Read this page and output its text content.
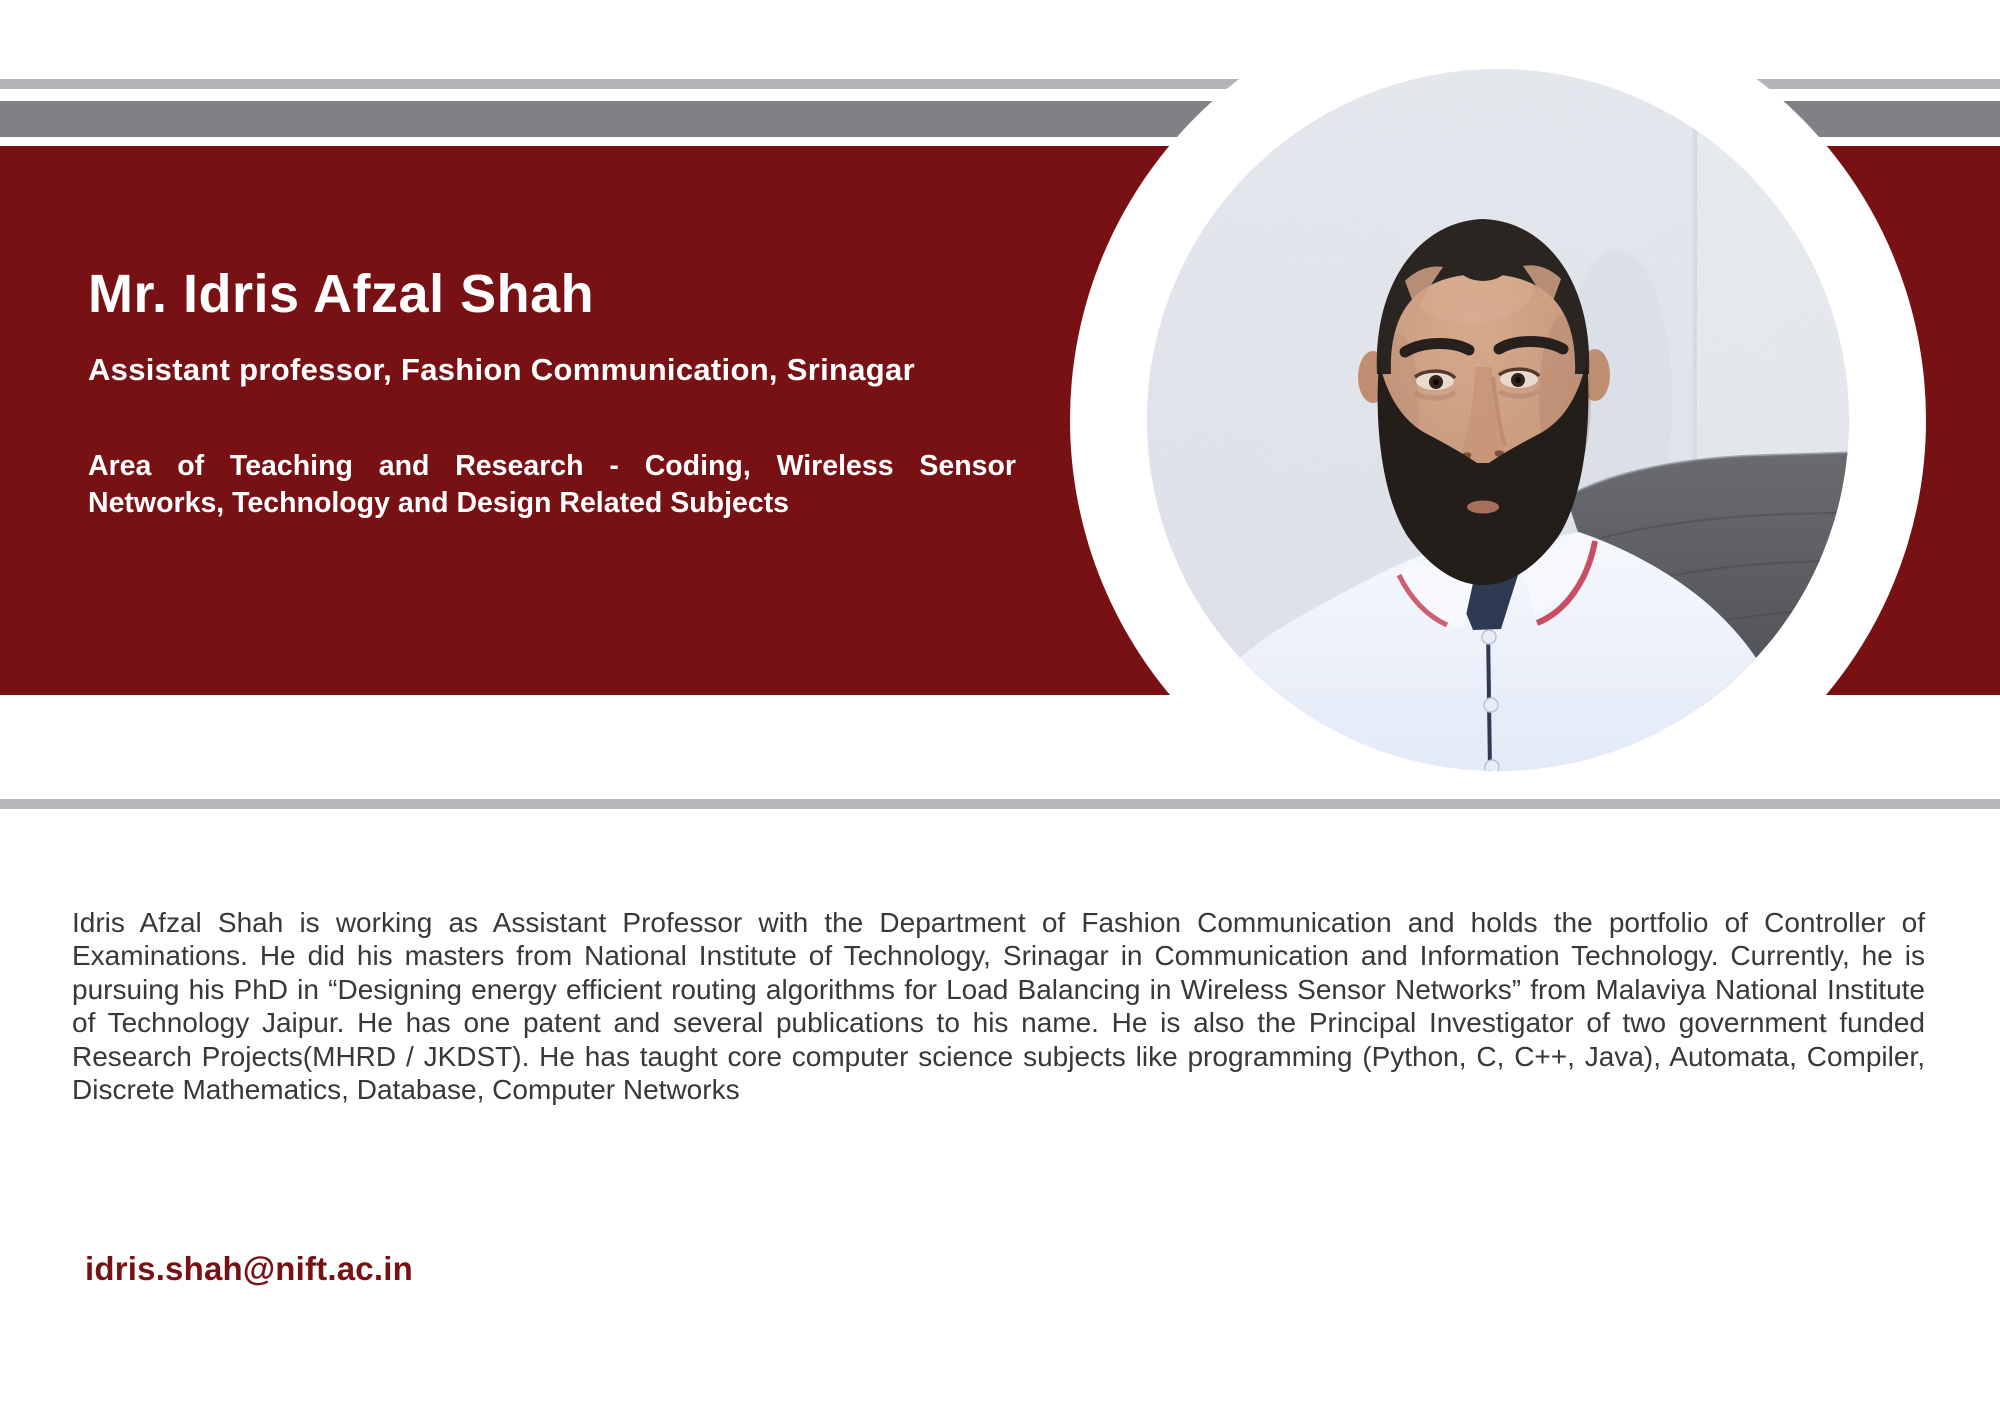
Mr. Idris Afzal Shah
Assistant professor, Fashion Communication, Srinagar
Area of Teaching and Research - Coding, Wireless Sensor
Networks, Technology and Design Related Subjects
Idris Afzal Shah is working as Assistant Professor with the Department of Fashion Communication and holds the portfolio of Controller of Examinations. He did his masters from National Institute of Technology, Srinagar in Communication and Information Technology. Currently, he is pursuing his PhD in “Designing energy efficient routing algorithms for Load Balancing in Wireless Sensor Networks” from Malaviya National Institute of Technology Jaipur. He has one patent and several publications to his name. He is also the Principal Investigator of two government funded Research Projects(MHRD / JKDST). He has taught core computer science subjects like programming (Python, C, C++, Java), Automata, Compiler, Discrete Mathematics, Database, Computer Networks
idris.shah@nift.ac.in
